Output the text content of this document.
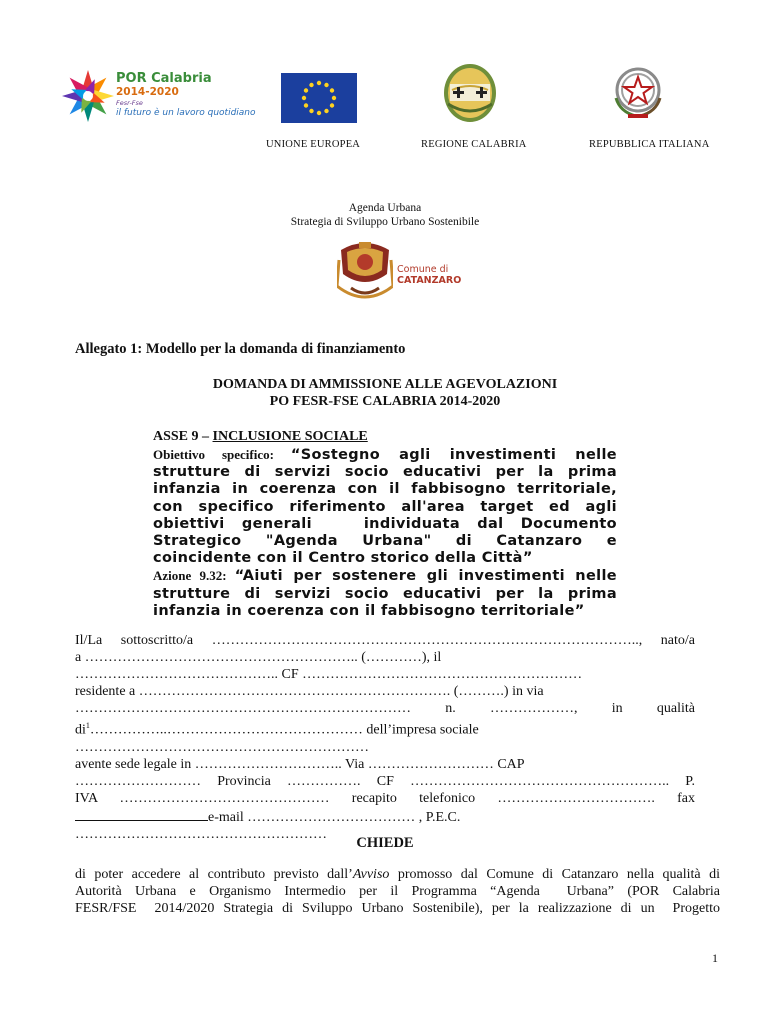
POR Calabria
2014-2020
Fesr-Fse
il futuro è un lavoro quotidiano
UNIONE EUROPEA	REGIONE CALABRIA	REPUBBLICA ITALIANA
Agenda Urbana
Strategia di Sviluppo Urbano Sostenibile
Comune di
CATANZARO
Allegato 1: Modello per la domanda di finanziamento
DOMANDA DI AMMISSIONE ALLE AGEVOLAZIONI
PO FESR-FSE CALABRIA 2014-2020
ASSE 9 – INCLUSIONE SOCIALE
Obiettivo specifico: “Sostegno agli investimenti nelle
strutture di servizi socio educativi per la prima
infanzia in coerenza con il fabbisogno territoriale,
con specifico riferimento all'area target ed agli
obiettivi generali   individuata dal Documento
Strategico "Agenda Urbana" di Catanzaro e
coincidente con il Centro storico della Città”
Azione 9.32: “Aiuti per sostenere gli investimenti nelle
strutture di servizi socio educativi per la prima
infanzia in coerenza con il fabbisogno territoriale”
Il/La sottoscritto/a ……………………………………………………………………………….., nato/a
a ………………………………………………….. (…………), il
…………………………………….. CF ……………………………………………………
residente a …………………………………………………………. (……….) in via
……………………………………………………………… n. ………………, in qualità
$di^1\dots\dots\dots\dots\dots..\dots\dots\dots\dots\dots\dots\dots\dots\dots\dots\dots\dots\dots\dots$ dell’impresa sociale
………………………………………………………
avente sede legale in ………………………….. Via ……………………… CAP
……………………… Provincia ……………. CF ……………………………………………….. P.
IVA ……………………………………… recapito telefonico ……………………………. fax
e-mail ……………………………… , P.E.C.
………………………………………………
CHIEDE
di poter accedere al contributo previsto dall’Avviso promosso dal Comune di Catanzaro nella qualità di
Autorità Urbana e Organismo Intermedio per il Programma “Agenda  Urbana” (POR Calabria
FESR/FSE  2014/2020 Strategia di Sviluppo Urbano Sostenibile), per la realizzazione di un  Progetto
1
